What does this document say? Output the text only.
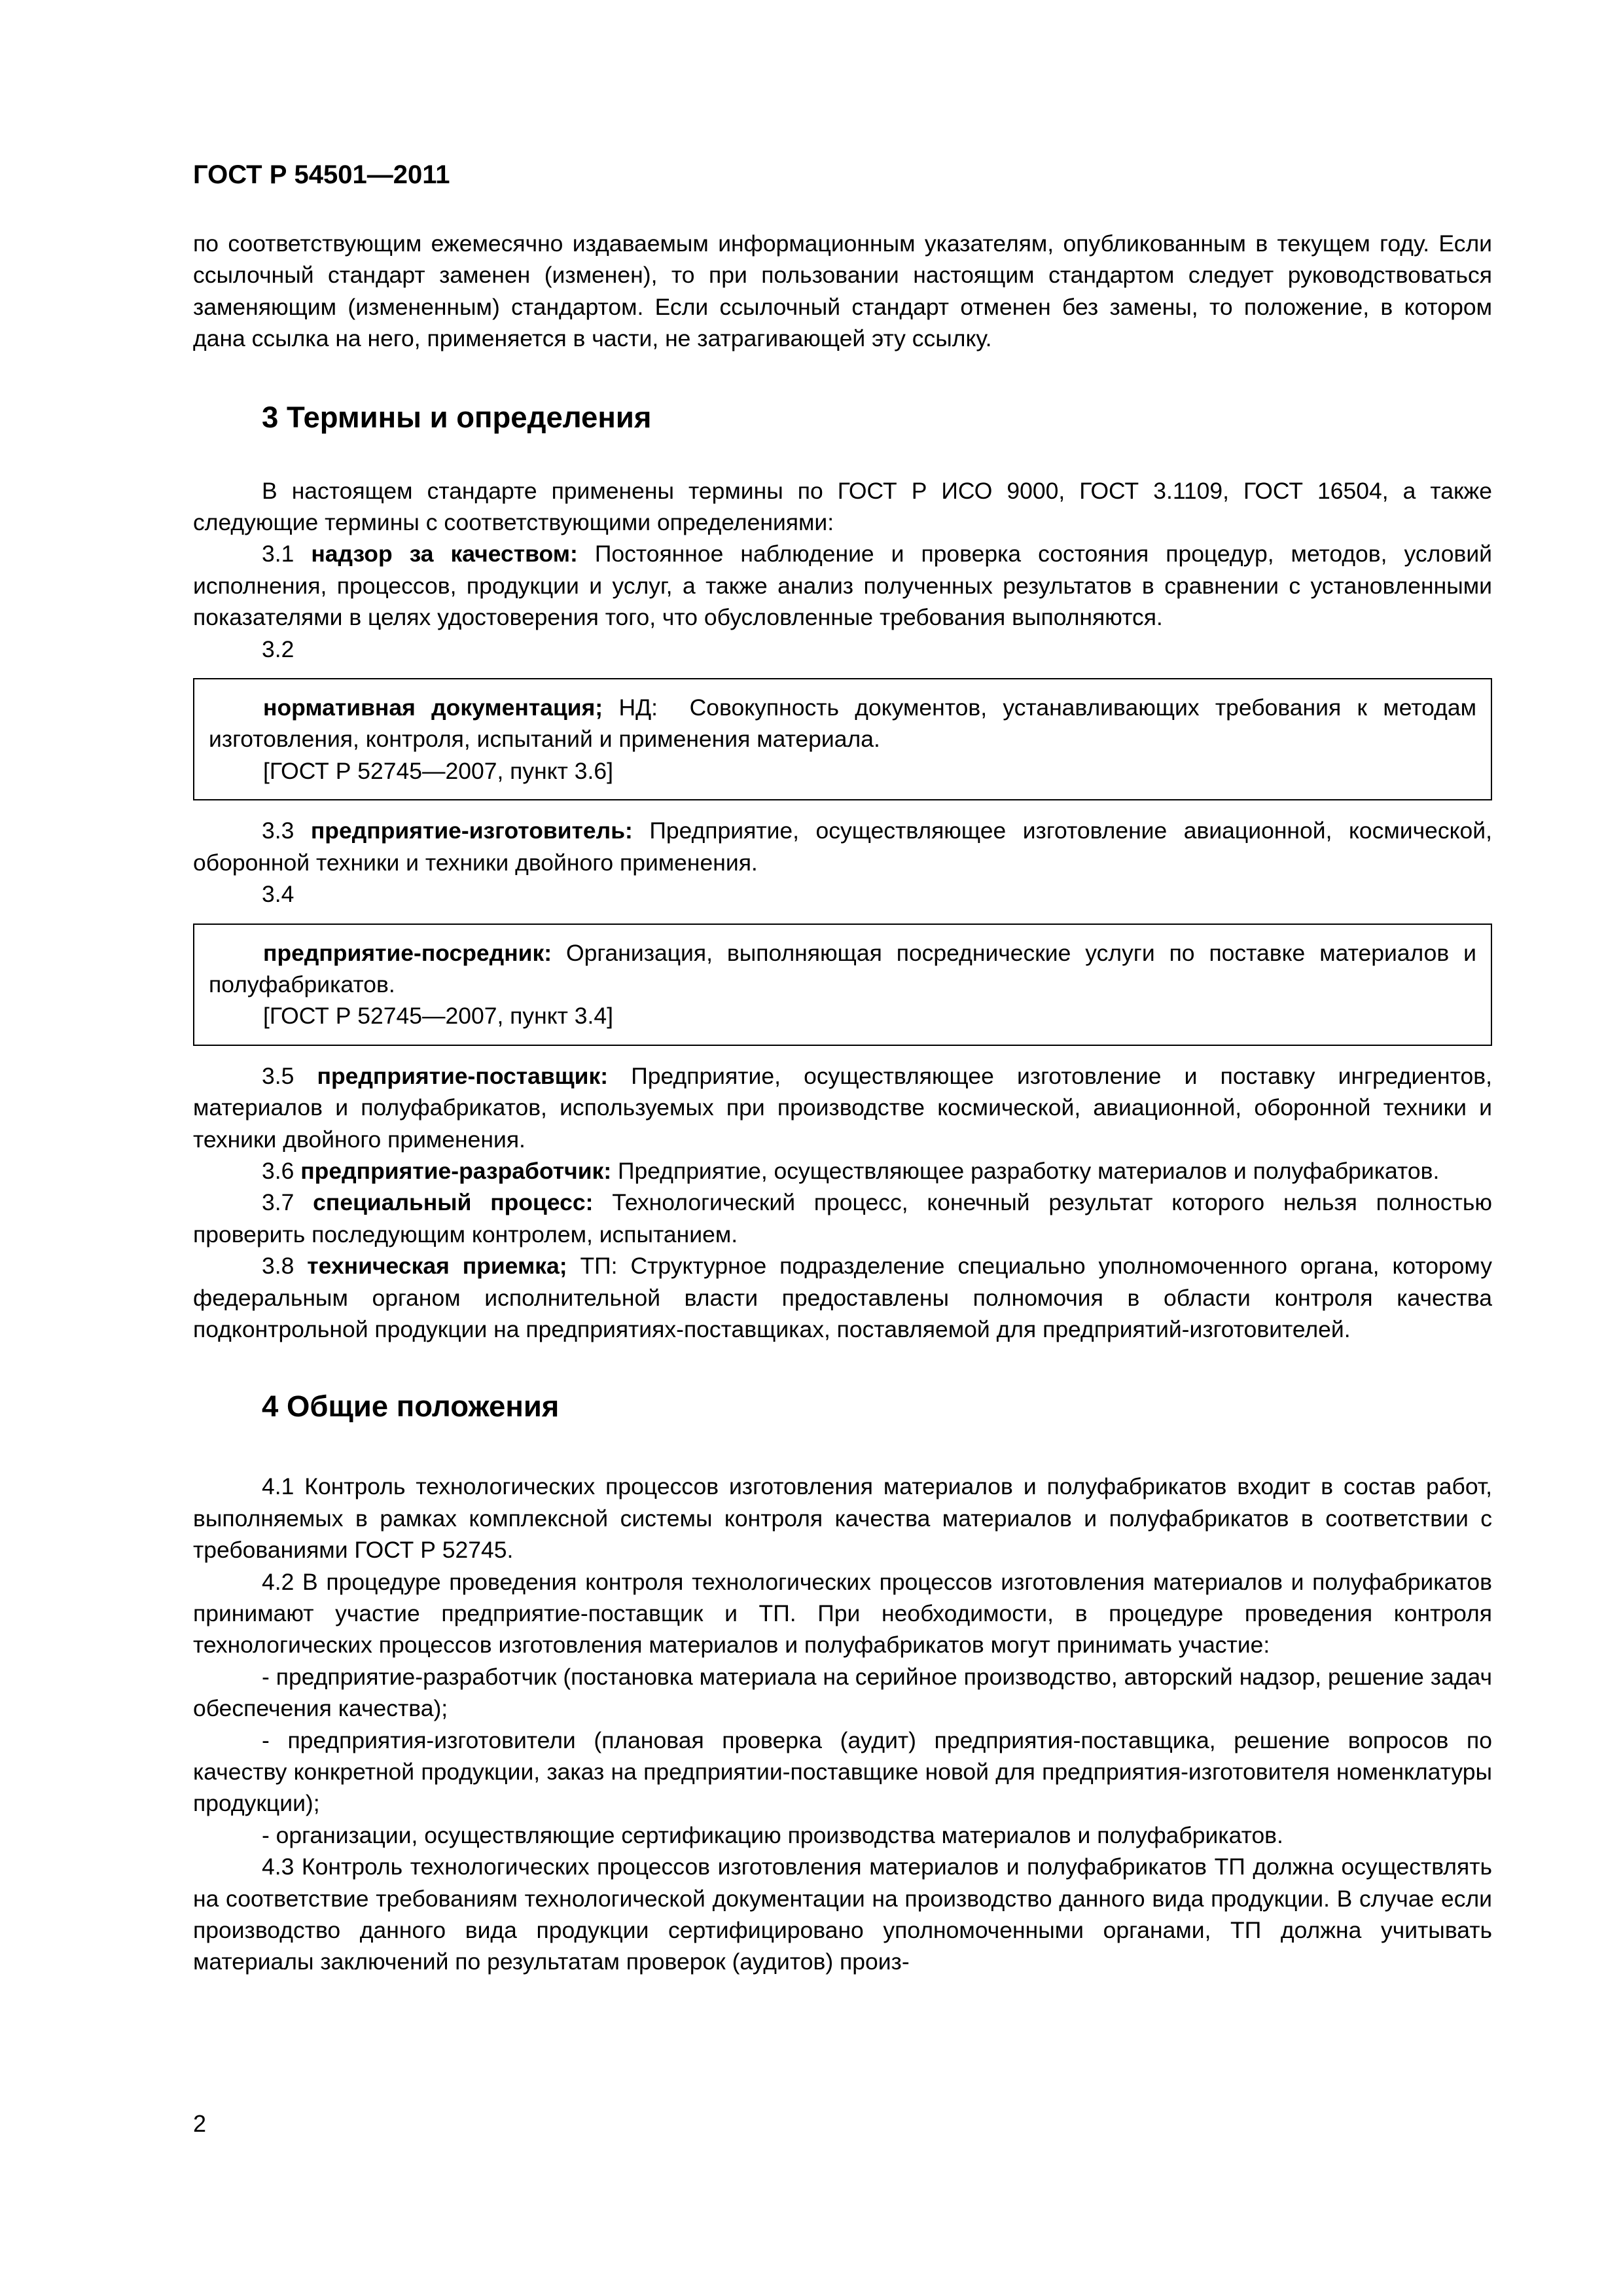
ГОСТ Р 54501—2011

по соответствующим ежемесячно издаваемым информационным указателям, опубликованным в текущем году. Если ссылочный стандарт заменен (изменен), то при пользовании настоящим стандартом следует руководствоваться заменяющим (измененным) стандартом. Если ссылочный стандарт отменен без замены, то положение, в котором дана ссылка на него, применяется в части, не затрагивающей эту ссылку.

3 Термины и определения

В настоящем стандарте применены термины по ГОСТ Р ИСО 9000, ГОСТ 3.1109, ГОСТ 16504, а также следующие термины с соответствующими определениями:

3.1 надзор за качеством: Постоянное наблюдение и проверка состояния процедур, методов, условий исполнения, процессов, продукции и услуг, а также анализ полученных результатов в сравнении с установленными показателями в целях удостоверения того, что обусловленные требования выполняются.

3.2

нормативная документация; НД: Совокупность документов, устанавливающих требования к методам изготовления, контроля, испытаний и применения материала.

[ГОСТ Р 52745—2007, пункт 3.6]

3.3 предприятие-изготовитель: Предприятие, осуществляющее изготовление авиационной, космической, оборонной техники и техники двойного применения.

3.4

предприятие-посредник: Организация, выполняющая посреднические услуги по поставке материалов и полуфабрикатов.

[ГОСТ Р 52745—2007, пункт 3.4]

3.5 предприятие-поставщик: Предприятие, осуществляющее изготовление и поставку ингредиентов, материалов и полуфабрикатов, используемых при производстве космической, авиационной, оборонной техники и техники двойного применения.

3.6 предприятие-разработчик: Предприятие, осуществляющее разработку материалов и полуфабрикатов.

3.7 специальный процесс: Технологический процесс, конечный результат которого нельзя полностью проверить последующим контролем, испытанием.

3.8 техническая приемка; ТП: Структурное подразделение специально уполномоченного органа, которому федеральным органом исполнительной власти предоставлены полномочия в области контроля качества подконтрольной продукции на предприятиях-поставщиках, поставляемой для предприятий-изготовителей.

4 Общие положения

4.1 Контроль технологических процессов изготовления материалов и полуфабрикатов входит в состав работ, выполняемых в рамках комплексной системы контроля качества материалов и полуфабрикатов в соответствии с требованиями ГОСТ Р 52745.

4.2 В процедуре проведения контроля технологических процессов изготовления материалов и полуфабрикатов принимают участие предприятие-поставщик и ТП. При необходимости, в процедуре проведения контроля технологических процессов изготовления материалов и полуфабрикатов могут принимать участие:

- предприятие-разработчик (постановка материала на серийное производство, авторский надзор, решение задач обеспечения качества);

- предприятия-изготовители (плановая проверка (аудит) предприятия-поставщика, решение вопросов по качеству конкретной продукции, заказ на предприятии-поставщике новой для предприятия-изготовителя номенклатуры продукции);

- организации, осуществляющие сертификацию производства материалов и полуфабрикатов.

4.3 Контроль технологических процессов изготовления материалов и полуфабрикатов ТП должна осуществлять на соответствие требованиям технологической документации на производство данного вида продукции. В случае если производство данного вида продукции сертифицировано уполномоченными органами, ТП должна учитывать материалы заключений по результатам проверок (аудитов) произ-

2
